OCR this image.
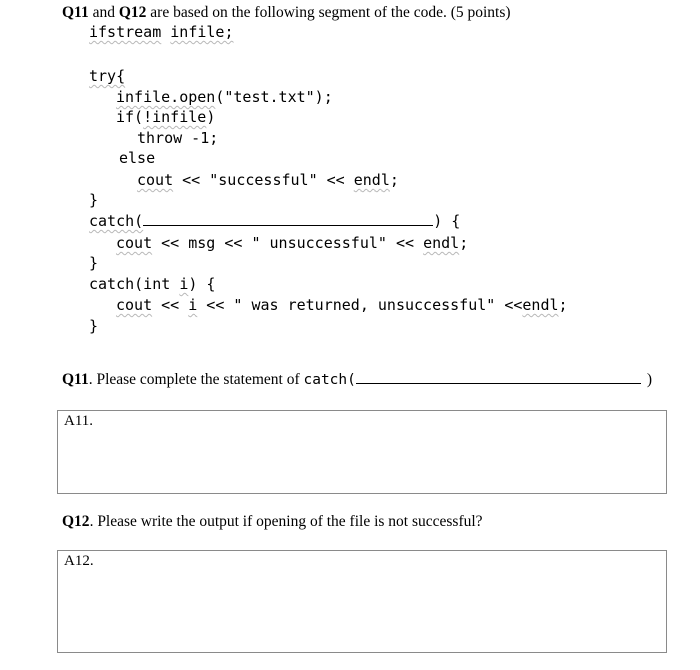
Q11 and Q12 are based on the following segment of the code. (5 points)
ifstream infile;
try{
infile.open("test.txt");
if(!infile)
throw -1;
else
cout << "successful" << endl;
}
catch(	) {
cout << msg << " unsuccessful" << endl;
}
catch(int i) {
cout << i << " was returned, unsuccessful" <<endl;
}
Q11. Please complete the statement of catch(	)
A11.
Q12. Please write the output if opening of the file is not successful?
A12.
